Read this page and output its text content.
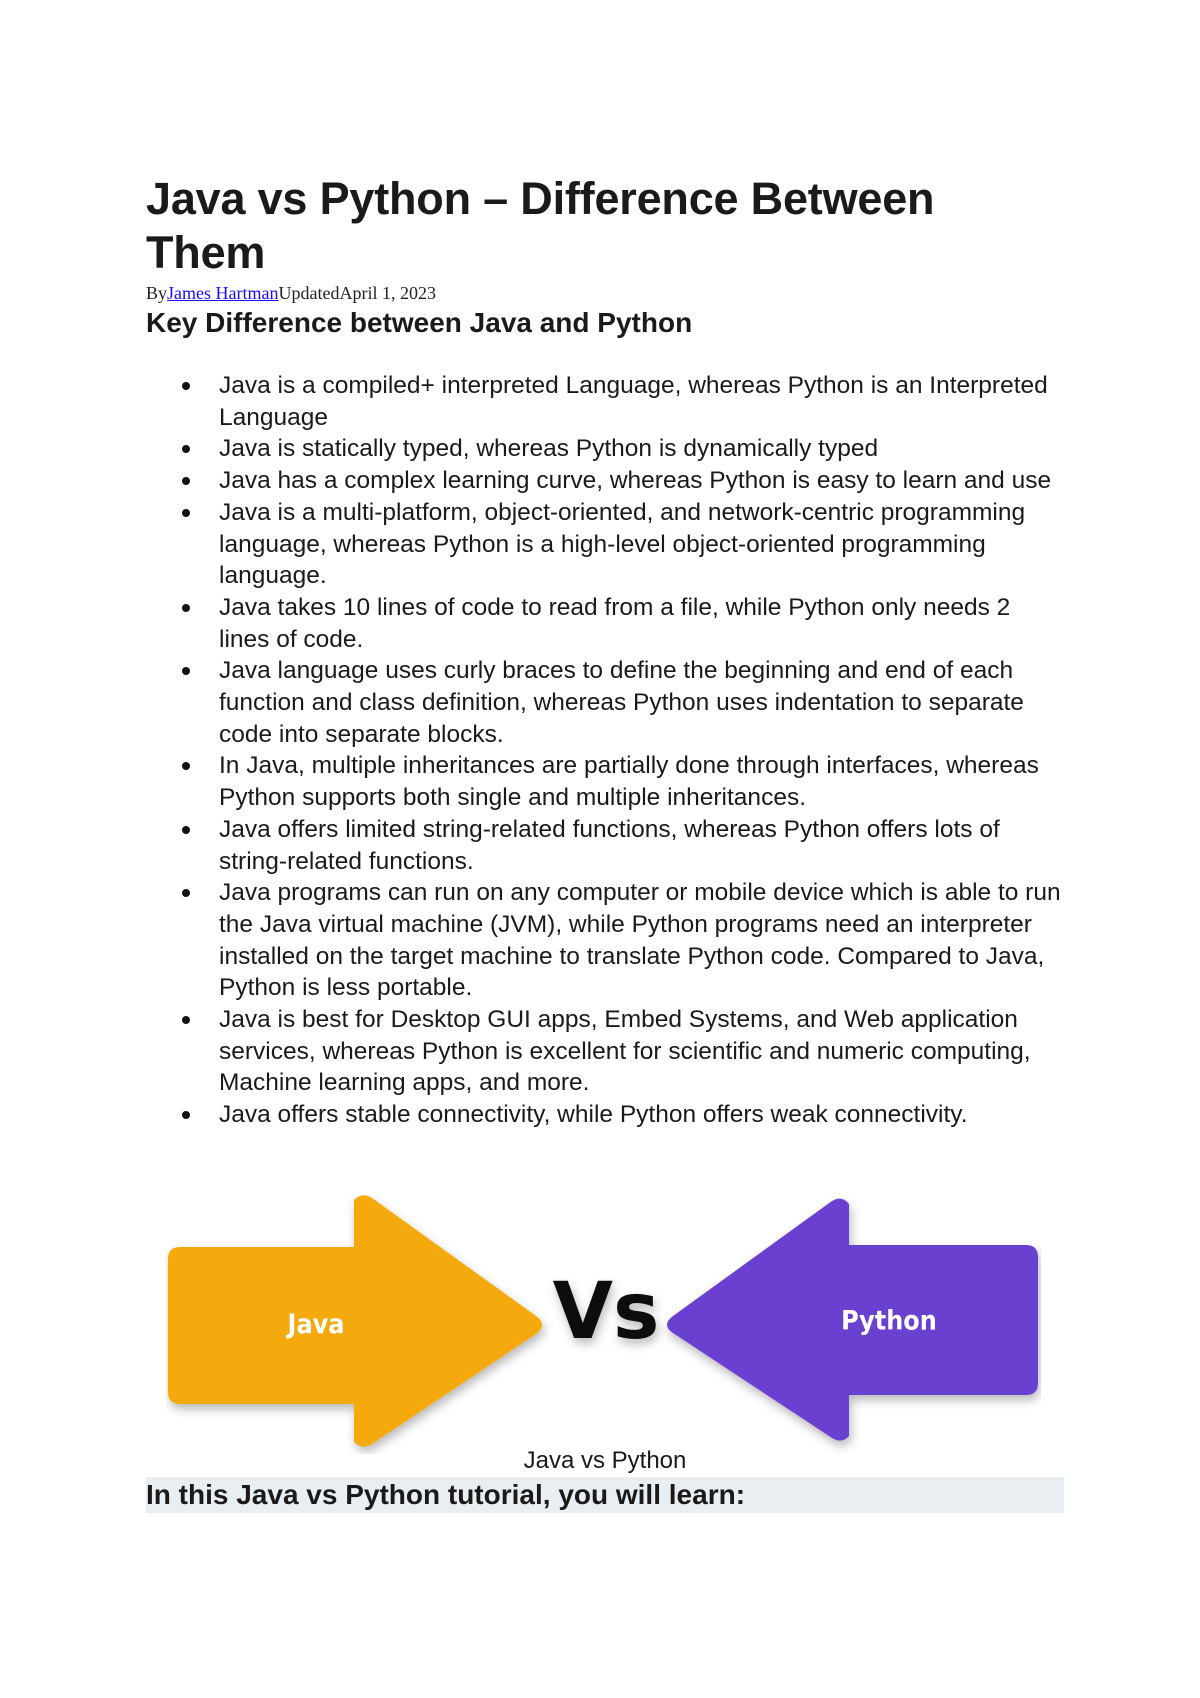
Java vs Python – Difference Between Them

ByJames HartmanUpdatedApril 1, 2023

Key Difference between Java and Python
Java is a compiled+ interpreted Language, whereas Python is an Interpreted Language
Java is statically typed, whereas Python is dynamically typed
Java has a complex learning curve, whereas Python is easy to learn and use
Java is a multi-platform, object-oriented, and network-centric programming language, whereas Python is a high-level object-oriented programming language.
Java takes 10 lines of code to read from a file, while Python only needs 2 lines of code.
Java language uses curly braces to define the beginning and end of each function and class definition, whereas Python uses indentation to separate code into separate blocks.
In Java, multiple inheritances are partially done through interfaces, whereas Python supports both single and multiple inheritances.
Java offers limited string-related functions, whereas Python offers lots of string-related functions.
Java programs can run on any computer or mobile device which is able to run the Java virtual machine (JVM), while Python programs need an interpreter installed on the target machine to translate Python code. Compared to Java, Python is less portable.
Java is best for Desktop GUI apps, Embed Systems, and Web application services, whereas Python is excellent for scientific and numeric computing, Machine learning apps, and more.
Java offers stable connectivity, while Python offers weak connectivity.
Java	Vs	Python
Java vs Python
In this Java vs Python tutorial, you will learn:
